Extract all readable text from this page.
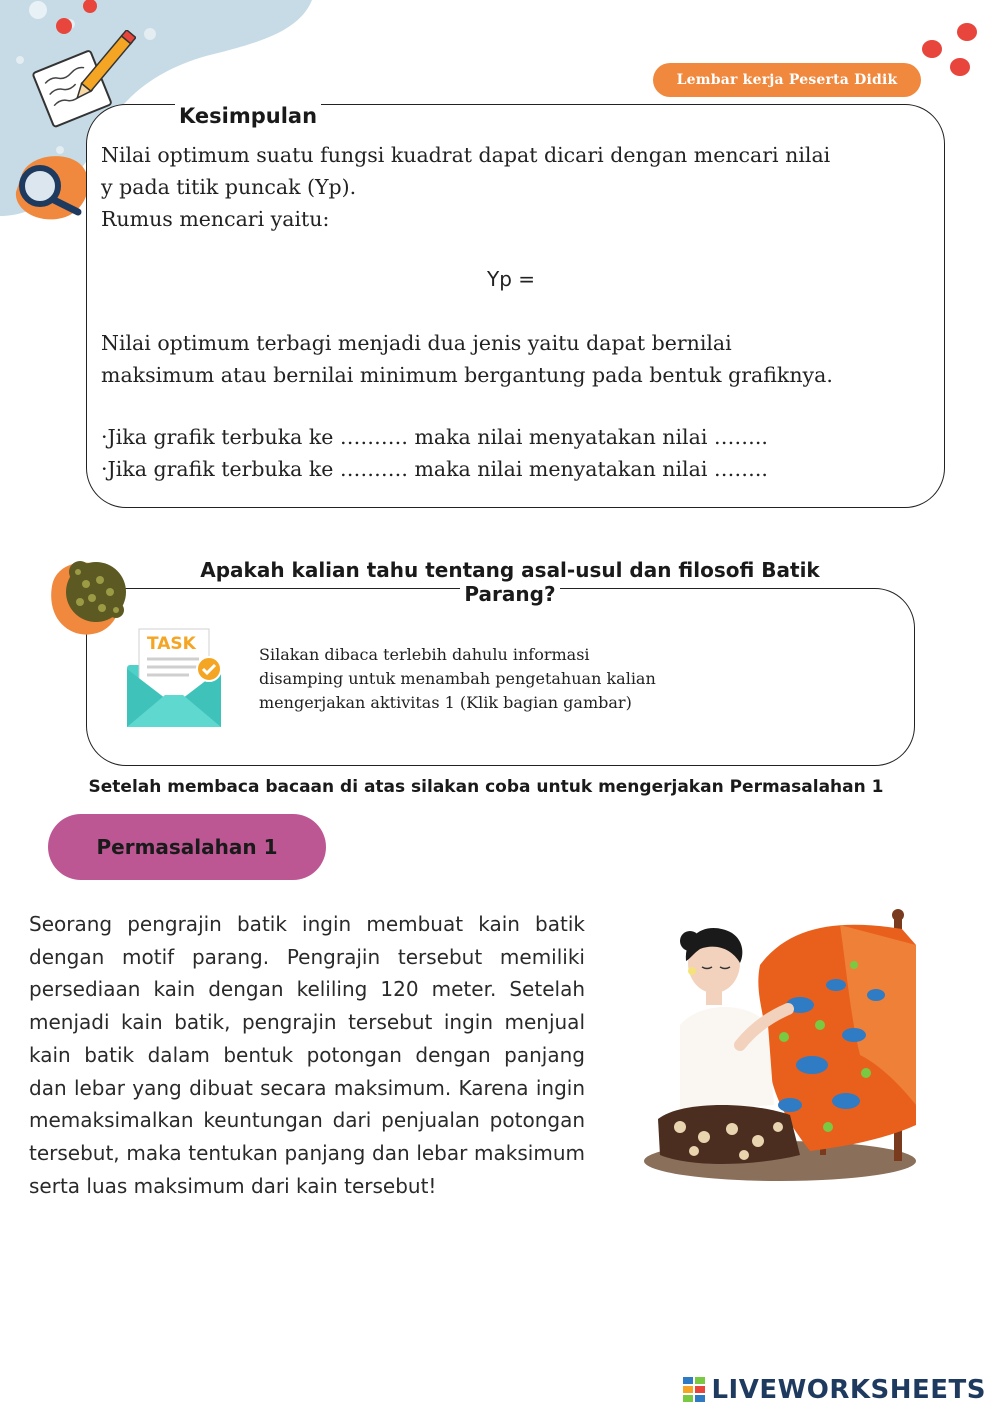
Lembar kerja Peserta Didik
Nilai optimum suatu fungsi kuadrat dapat dicari dengan mencari nilai
y pada titik puncak (Yp).
Rumus mencari yaitu:
Yp =
Nilai optimum terbagi menjadi dua jenis yaitu dapat bernilai
maksimum atau bernilai minimum bergantung pada bentuk grafiknya.
·Jika grafik terbuka ke ………. maka nilai menyatakan nilai ……..
·Jika grafik terbuka ke ………. maka nilai menyatakan nilai ……..
Kesimpulan
TASK
Silakan dibaca terlebih dahulu informasi
disamping untuk menambah pengetahuan kalian
mengerjakan aktivitas 1 (Klik bagian gambar)
Apakah kalian tahu tentang asal-usul dan filosofi Batik
Parang?
Setelah membaca bacaan di atas silakan coba untuk mengerjakan Permasalahan 1
Permasalahan 1
Seorang pengrajin batik ingin membuat kain batik dengan motif parang. Pengrajin tersebut memiliki persediaan kain dengan keliling 120 meter. Setelah menjadi kain batik, pengrajin tersebut ingin menjual kain batik dalam bentuk potongan dengan panjang dan lebar yang dibuat secara maksimum. Karena ingin memaksimalkan keuntungan dari penjualan potongan tersebut, maka tentukan panjang dan lebar maksimum serta luas maksimum dari kain tersebut!
LIVEWORKSHEETS
